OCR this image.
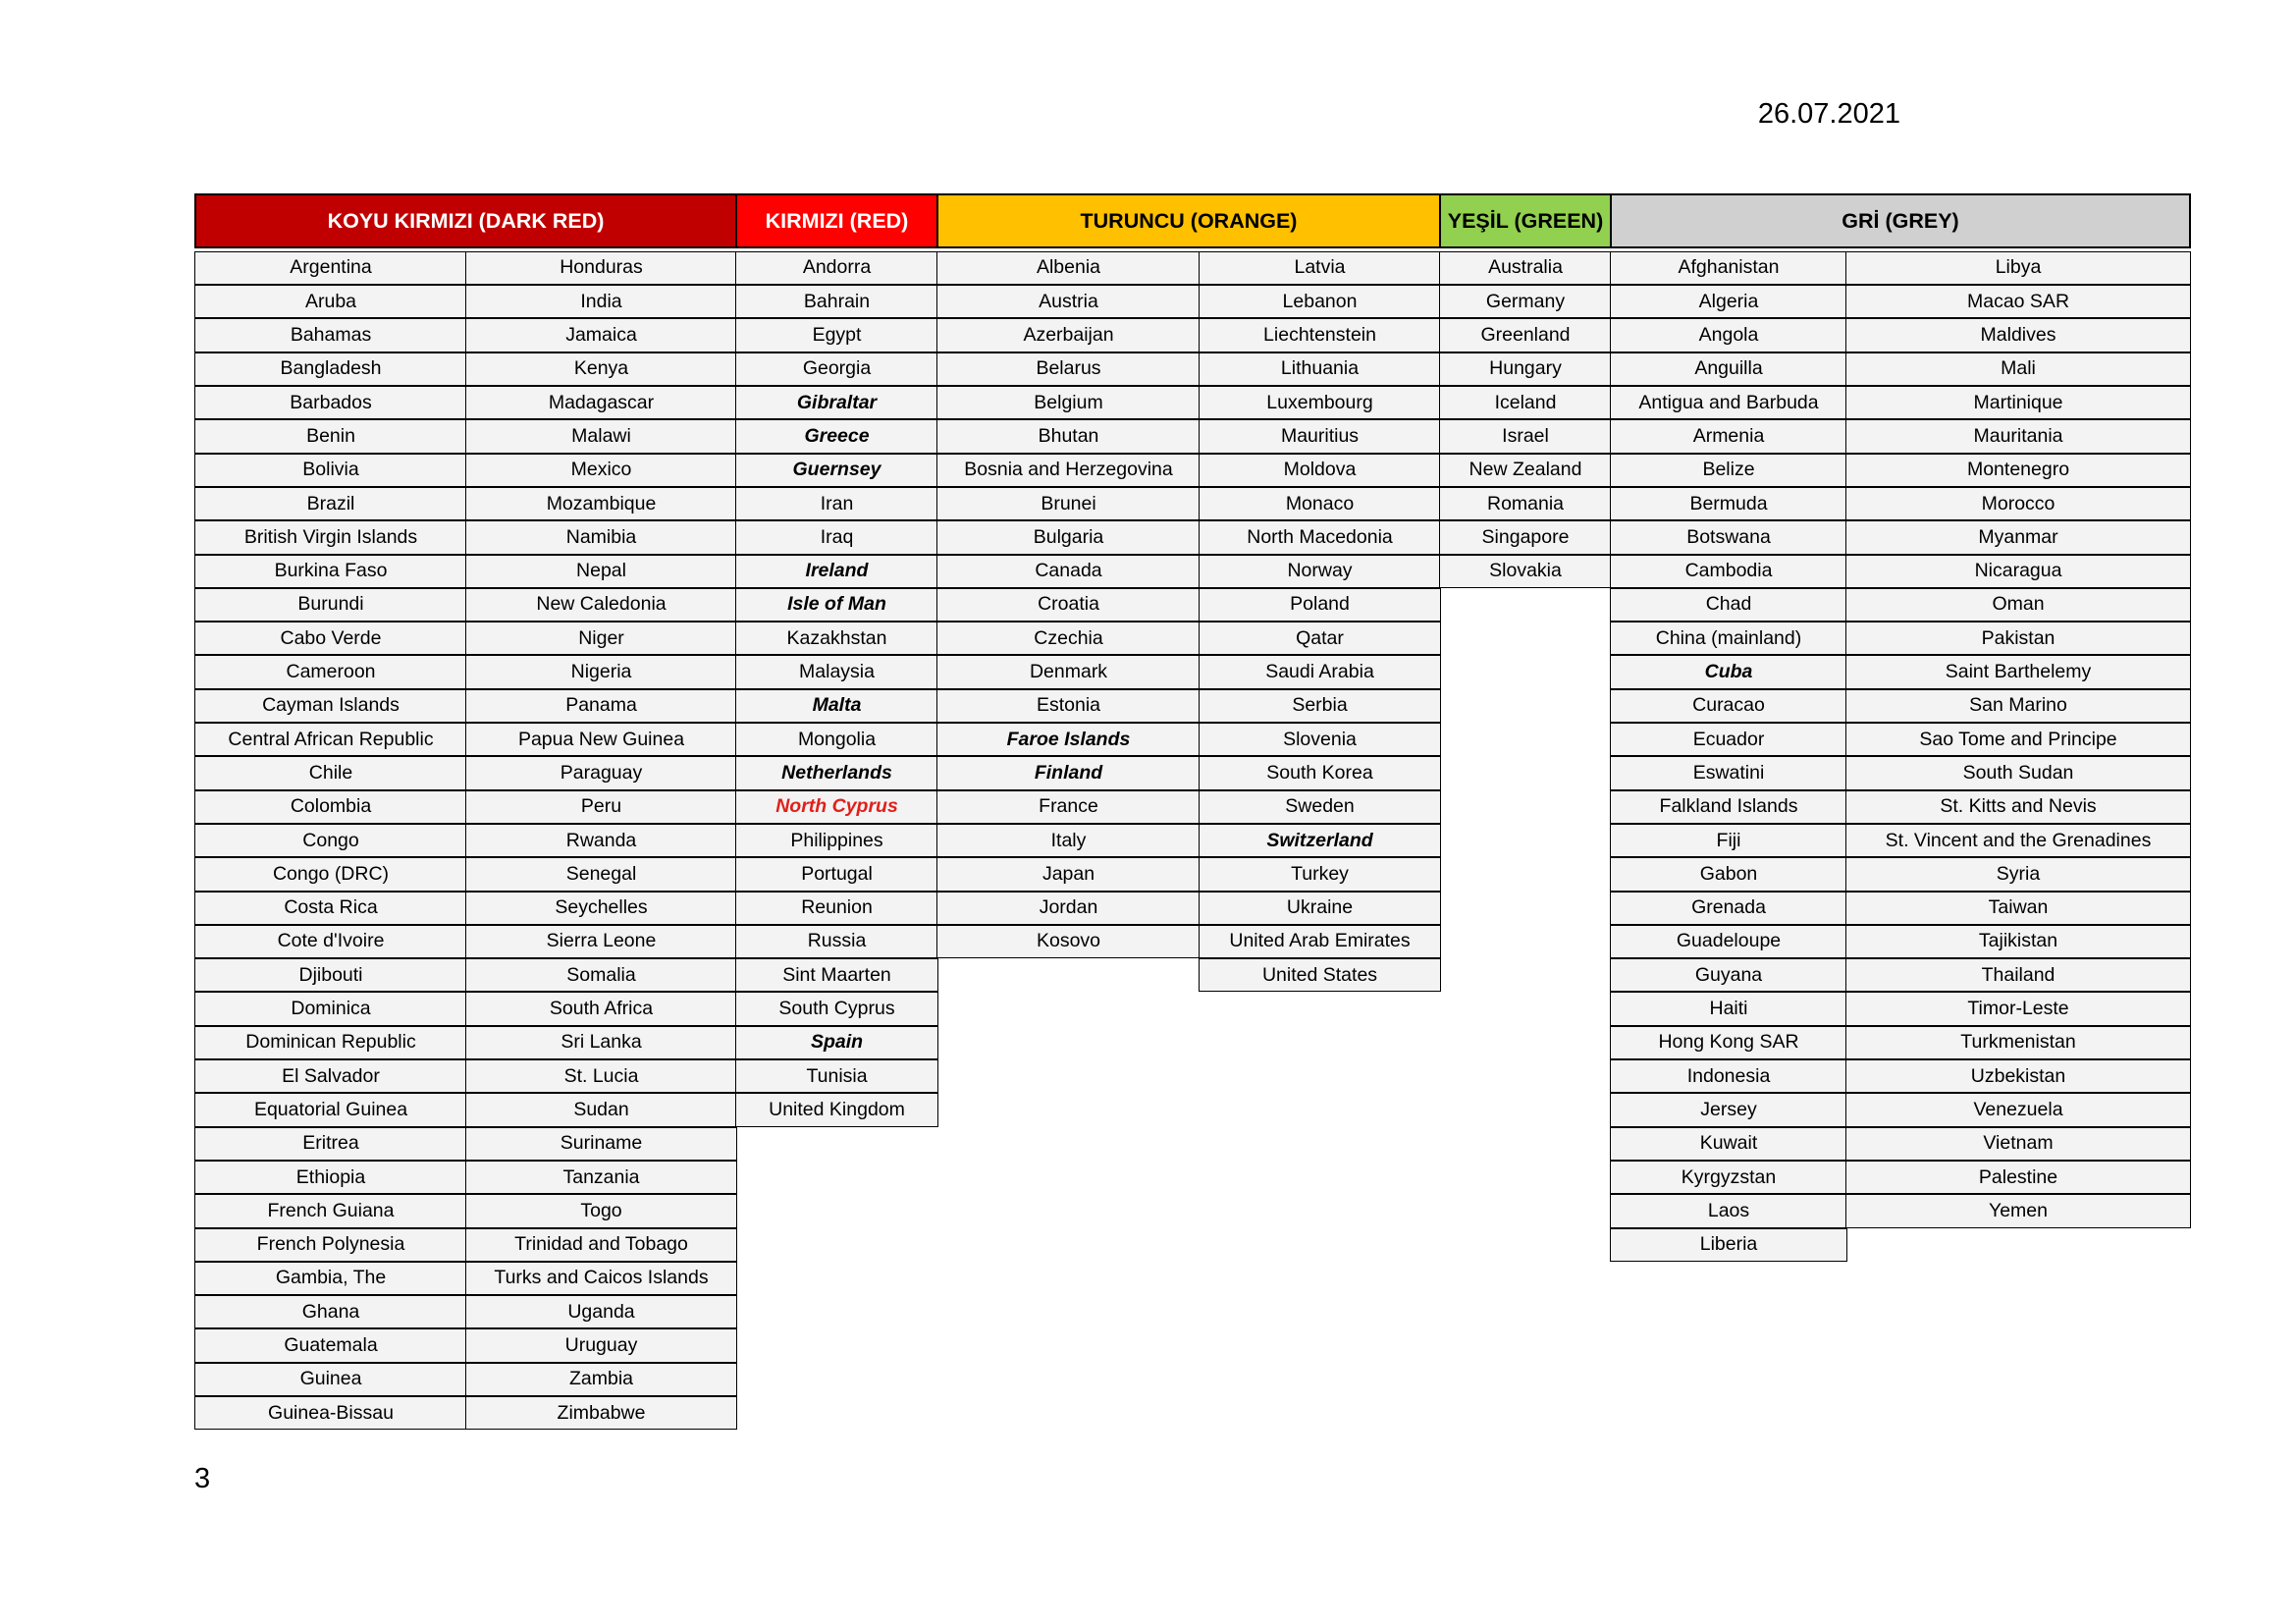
26.07.2021
KOYU KIRMIZI (DARK RED)
Argentina
Aruba
Bahamas
Bangladesh
Barbados
Benin
Bolivia
Brazil
British Virgin Islands
Burkina Faso
Burundi
Cabo Verde
Cameroon
Cayman Islands
Central African Republic
Chile
Colombia
Congo
Congo (DRC)
Costa Rica
Cote d'Ivoire
Djibouti
Dominica
Dominican Republic
El Salvador
Equatorial Guinea
Eritrea
Ethiopia
French Guiana
French Polynesia
Gambia, The
Ghana
Guatemala
Guinea
Guinea-Bissau
Honduras
India
Jamaica
Kenya
Madagascar
Malawi
Mexico
Mozambique
Namibia
Nepal
New Caledonia
Niger
Nigeria
Panama
Papua New Guinea
Paraguay
Peru
Rwanda
Senegal
Seychelles
Sierra Leone
Somalia
South Africa
Sri Lanka
St. Lucia
Sudan
Suriname
Tanzania
Togo
Trinidad and Tobago
Turks and Caicos Islands
Uganda
Uruguay
Zambia
Zimbabwe
KIRMIZI (RED)
Andorra
Bahrain
Egypt
Georgia
Gibraltar
Greece
Guernsey
Iran
Iraq
Ireland
Isle of Man
Kazakhstan
Malaysia
Malta
Mongolia
Netherlands
North Cyprus
Philippines
Portugal
Reunion
Russia
Sint Maarten
South Cyprus
Spain
Tunisia
United Kingdom
TURUNCU (ORANGE)
Albenia
Austria
Azerbaijan
Belarus
Belgium
Bhutan
Bosnia and Herzegovina
Brunei
Bulgaria
Canada
Croatia
Czechia
Denmark
Estonia
Faroe Islands
Finland
France
Italy
Japan
Jordan
Kosovo
Latvia
Lebanon
Liechtenstein
Lithuania
Luxembourg
Mauritius
Moldova
Monaco
North Macedonia
Norway
Poland
Qatar
Saudi Arabia
Serbia
Slovenia
South Korea
Sweden
Switzerland
Turkey
Ukraine
United Arab Emirates
United States
YEŞİL (GREEN)
Australia
Germany
Greenland
Hungary
Iceland
Israel
New Zealand
Romania
Singapore
Slovakia
GRİ (GREY)
Afghanistan
Algeria
Angola
Anguilla
Antigua and Barbuda
Armenia
Belize
Bermuda
Botswana
Cambodia
Chad
China (mainland)
Cuba
Curacao
Ecuador
Eswatini
Falkland Islands
Fiji
Gabon
Grenada
Guadeloupe
Guyana
Haiti
Hong Kong SAR
Indonesia
Jersey
Kuwait
Kyrgyzstan
Laos
Liberia
Libya
Macao SAR
Maldives
Mali
Martinique
Mauritania
Montenegro
Morocco
Myanmar
Nicaragua
Oman
Pakistan
Saint Barthelemy
San Marino
Sao Tome and Principe
South Sudan
St. Kitts and Nevis
St. Vincent and the Grenadines
Syria
Taiwan
Tajikistan
Thailand
Timor-Leste
Turkmenistan
Uzbekistan
Venezuela
Vietnam
Palestine
Yemen
3
